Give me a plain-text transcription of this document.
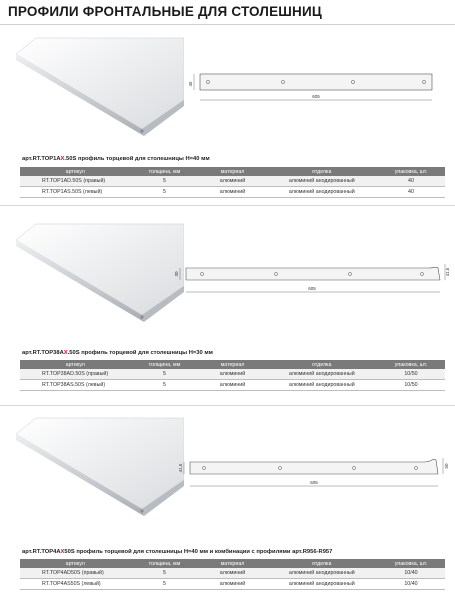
ПРОФИЛИ ФРОНТАЛЬНЫЕ ДЛЯ СТОЛЕШНИЦ
45
605
арт.RT.TOP1AX.50S профиль торцевой для столешницы H=40 мм
артикул	толщина, мм	материал	отделка	упаковка, шт.
RT.TOP1AD.50S (правый)	5	алюминий	алюминий анодированный	40
RT.TOP1AS.50S (левый)	5	алюминий	алюминий анодированный	40
30	41,5
605
арт.RT.TOP38AX.50S профиль торцевой для столешницы H=30 мм
артикул	толщина, мм	материал	отделка	упаковка, шт.
RT.TOP38AD.50S (правый)	5	алюминий	алюминий анодированный	10/50
RT.TOP38AS.50S (левый)	5	алюминий	алюминий анодированный	10/50
41,5	50
605
арт.RT.TOP4AX50S профиль торцевой для столешницы H=40 мм и комбинации с профилями арт.R956-R957
артикул	толщина, мм	материал	отделка	упаковка, шт.
RT.TOP4AD50S (правый)	5	алюминий	алюминий анодированный	10/40
RT.TOP4AS50S (левый)	5	алюминий	алюминий анодированный	10/40
